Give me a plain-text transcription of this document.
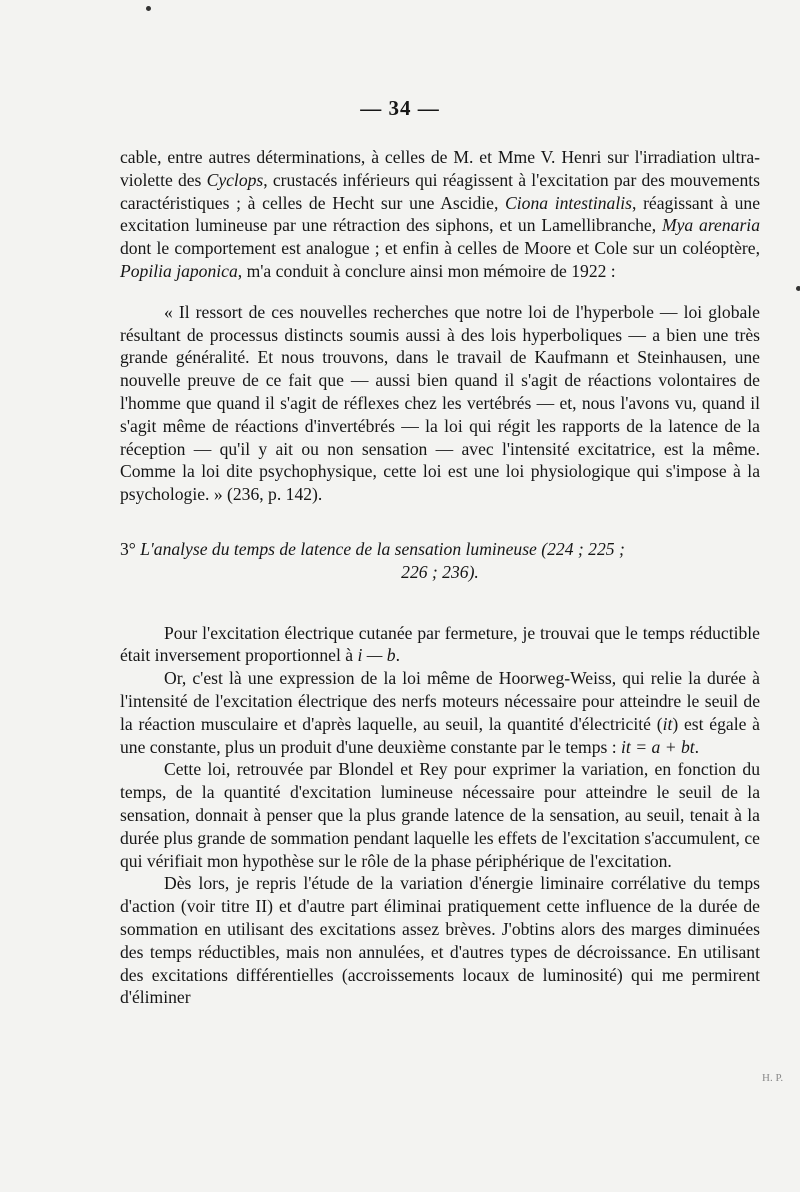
— 34 —

cable, entre autres déterminations, à celles de M. et Mme V. Henri sur l'irradiation ultra-violette des Cyclops, crustacés inférieurs qui réagissent à l'excitation par des mouvements caractéristiques ; à celles de Hecht sur une Ascidie, Ciona intestinalis, réagissant à une excitation lumineuse par une rétraction des siphons, et un Lamellibranche, Mya arenaria dont le comportement est analogue ; et enfin à celles de Moore et Cole sur un coléoptère, Popilia japonica, m'a conduit à conclure ainsi mon mémoire de 1922 :

« Il ressort de ces nouvelles recherches que notre loi de l'hyperbole — loi globale résultant de processus distincts soumis aussi à des lois hyperboliques — a bien une très grande généralité. Et nous trouvons, dans le travail de Kaufmann et Steinhausen, une nouvelle preuve de ce fait que — aussi bien quand il s'agit de réactions volontaires de l'homme que quand il s'agit de réflexes chez les vertébrés — et, nous l'avons vu, quand il s'agit même de réactions d'invertébrés — la loi qui régit les rapports de la latence de la réception — qu'il y ait ou non sensation — avec l'intensité excitatrice, est la même. Comme la loi dite psychophysique, cette loi est une loi physiologique qui s'impose à la psychologie. » (236, p. 142).

3° L'analyse du temps de latence de la sensation lumineuse (224 ; 225 ;
226 ; 236).

Pour l'excitation électrique cutanée par fermeture, je trouvai que le temps réductible était inversement proportionnel à i — b.

Or, c'est là une expression de la loi même de Hoorweg-Weiss, qui relie la durée à l'intensité de l'excitation électrique des nerfs moteurs nécessaire pour atteindre le seuil de la réaction musculaire et d'après laquelle, au seuil, la quantité d'électricité (it) est égale à une constante, plus un produit d'une deuxième constante par le temps : it = a + bt.

Cette loi, retrouvée par Blondel et Rey pour exprimer la variation, en fonction du temps, de la quantité d'excitation lumineuse nécessaire pour atteindre le seuil de la sensation, donnait à penser que la plus grande latence de la sensation, au seuil, tenait à la durée plus grande de sommation pendant laquelle les effets de l'excitation s'accumulent, ce qui vérifiait mon hypothèse sur le rôle de la phase périphérique de l'excitation.

Dès lors, je repris l'étude de la variation d'énergie liminaire corrélative du temps d'action (voir titre II) et d'autre part éliminai pratiquement cette influence de la durée de sommation en utilisant des excitations assez brèves. J'obtins alors des marges diminuées des temps réductibles, mais non annulées, et d'autres types de décroissance. En utilisant des excitations différentielles (accroissements locaux de luminosité) qui me permirent d'éliminer

H. P.
